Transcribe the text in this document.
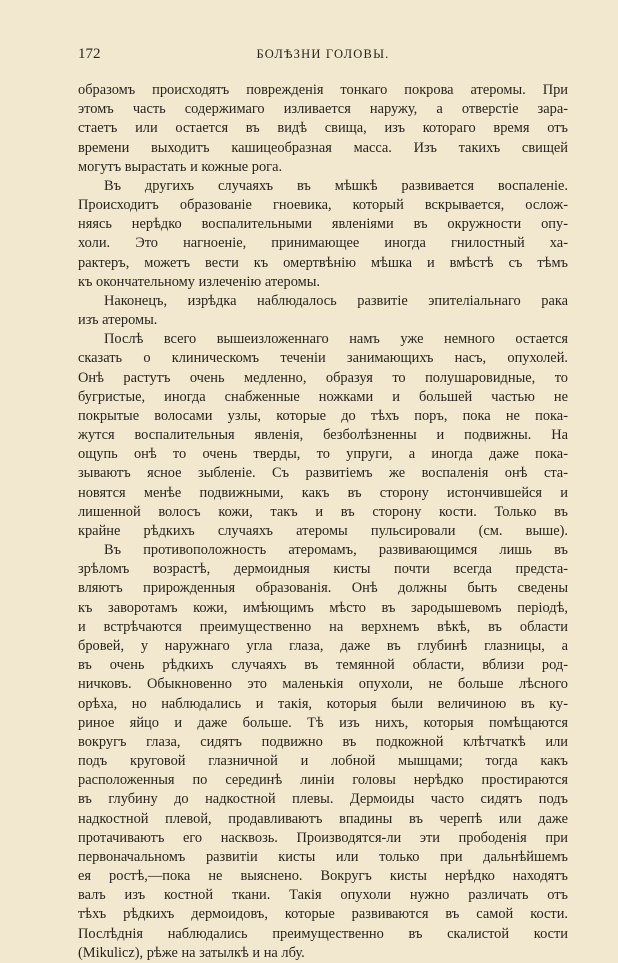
172	БОЛѢЗНИ ГОЛОВЫ.
образомъ происходятъ поврежденія тонкаго покрова атеромы. При
этомъ часть содержимаго изливается наружу, а отверстіе зара-
стаетъ или остается въ видѣ свища, изъ котораго время отъ
времени выходитъ кашицеобразная масса. Изъ такихъ свищей
могутъ вырастать и кожные рога.
Въ другихъ случаяхъ въ мѣшкѣ развивается воспаленіе.
Происходитъ образованіе гноевика, который вскрывается, ослож-
няясь нерѣдко воспалительными явленіями въ окружности опу-
холи. Это нагноеніе, принимающее иногда гнилостный ха-
рактеръ, можетъ вести къ омертвѣнію мѣшка и вмѣстѣ съ тѣмъ
къ окончательному излеченію атеромы.
Наконецъ, изрѣдка наблюдалось развитіе эпителіальнаго рака
изъ атеромы.
Послѣ всего вышеизложеннаго намъ уже немного остается
сказать о клиническомъ теченіи занимающихъ насъ, опухолей.
Онѣ растутъ очень медленно, образуя то полушаровидные, то
бугристые, иногда снабженные ножками и большей частью не
покрытые волосами узлы, которые до тѣхъ поръ, пока не пока-
жутся воспалительныя явленія, безболѣзненны и подвижны. На
ощупь онѣ то очень тверды, то упруги, а иногда даже пока-
зываютъ ясное зыбленіе. Съ развитіемъ же воспаленія онѣ ста-
новятся менѣе подвижными, какъ въ сторону истончившейся и
лишенной волосъ кожи, такъ и въ сторону кости. Только въ
крайне рѣдкихъ случаяхъ атеромы пульсировали (см. выше).
Въ противоположность атеромамъ, развивающимся лишь въ
зрѣломъ возрастѣ, дермоидныя кисты почти всегда предста-
вляютъ прирожденныя образованія. Онѣ должны быть сведены
къ заворотамъ кожи, имѣющимъ мѣсто въ зародышевомъ періодѣ,
и встрѣчаются преимущественно на верхнемъ вѣкѣ, въ области
бровей, у наружнаго угла глаза, даже въ глубинѣ глазницы, а
въ очень рѣдкихъ случаяхъ въ темянной области, вблизи род-
ничковъ. Обыкновенно это маленькія опухоли, не больше лѣсного
орѣха, но наблюдались и такія, которыя были величиною въ ку-
риное яйцо и даже больше. Тѣ изъ нихъ, которыя помѣщаются
вокругъ глаза, сидятъ подвижно въ подкожной клѣтчаткѣ или
подъ круговой глазничной и лобной мышцами; тогда какъ
расположенныя по серединѣ линіи головы нерѣдко простираются
въ глубину до надкостной плевы. Дермоиды часто сидятъ подъ
надкостной плевой, продавливаютъ впадины въ черепѣ или даже
протачиваютъ его насквозь. Производятся-ли эти прободенія при
первоначальномъ развитіи кисты или только при дальнѣйшемъ
ея ростѣ,—пока не выяснено. Вокругъ кисты нерѣдко находятъ
валъ изъ костной ткани. Такія опухоли нужно различать отъ
тѣхъ рѣдкихъ дермоидовъ, которые развиваются въ самой кости.
Послѣднія наблюдались преимущественно въ скалистой кости
(Mikulicz), рѣже на затылкѣ и на лбу.
